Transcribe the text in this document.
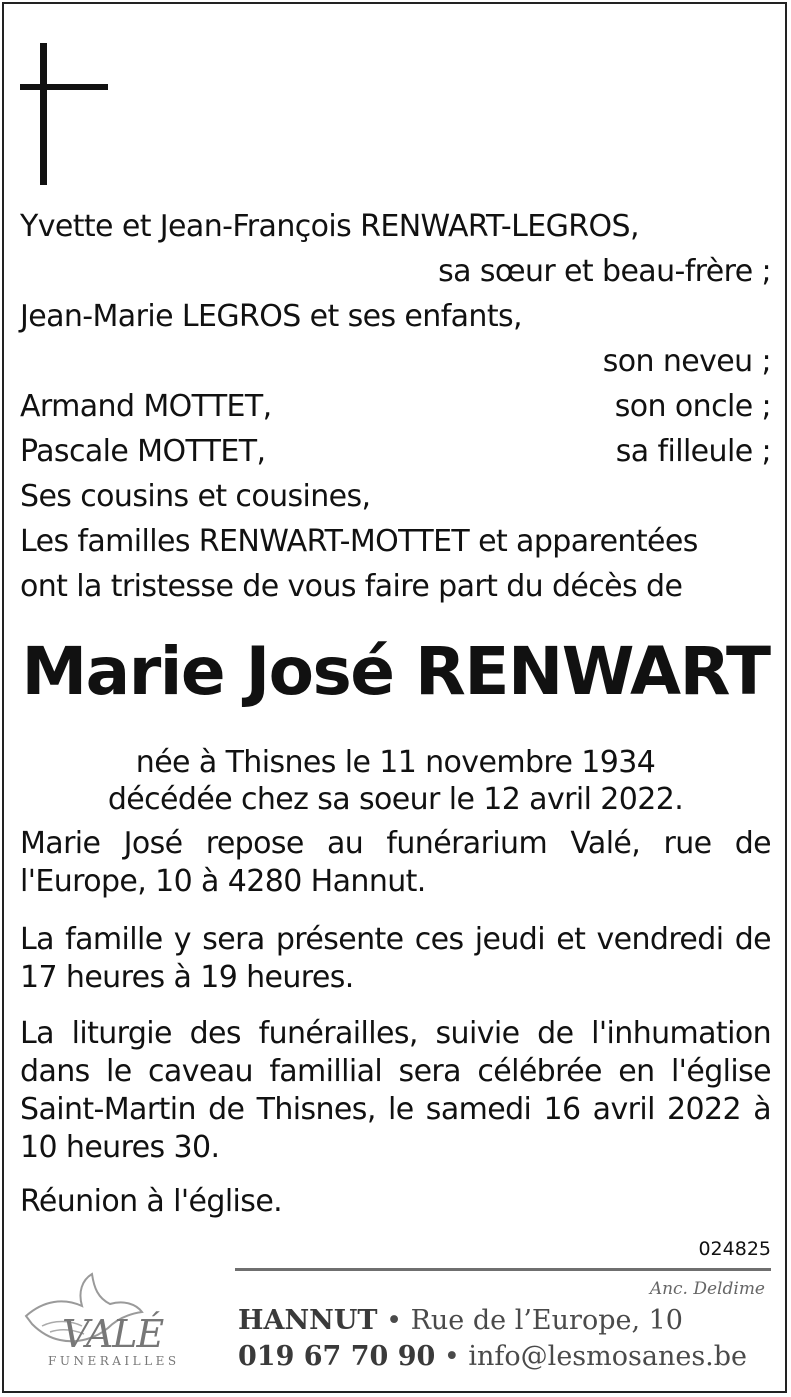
Yvette et Jean-François RENWART-LEGROS,
sa sœur et beau-frère ;
Jean-Marie LEGROS et ses enfants,
son neveu ;
Armand MOTTET,	son oncle ;
Pascale MOTTET,	sa filleule ;
Ses cousins et cousines,
Les familles RENWART-MOTTET et apparentées
ont la tristesse de vous faire part du décès de
Marie José RENWART
née à Thisnes le 11 novembre 1934
décédée chez sa soeur le 12 avril 2022.
Marie José repose au funérarium Valé, rue de l'Europe, 10 à 4280 Hannut.
La famille y sera présente ces jeudi et vendredi de 17 heures à 19 heures.
La liturgie des funérailles, suivie de l'inhumation dans le caveau famillial sera célébrée en l'église Saint-Martin de Thisnes, le samedi 16 avril 2022 à 10 heures 30.
Réunion à l'église.
024825
Anc. Deldime
VALÉ
FUNERAILLES
HANNUT • Rue de l’Europe, 10
019 67 70 90 • info@lesmosanes.be
